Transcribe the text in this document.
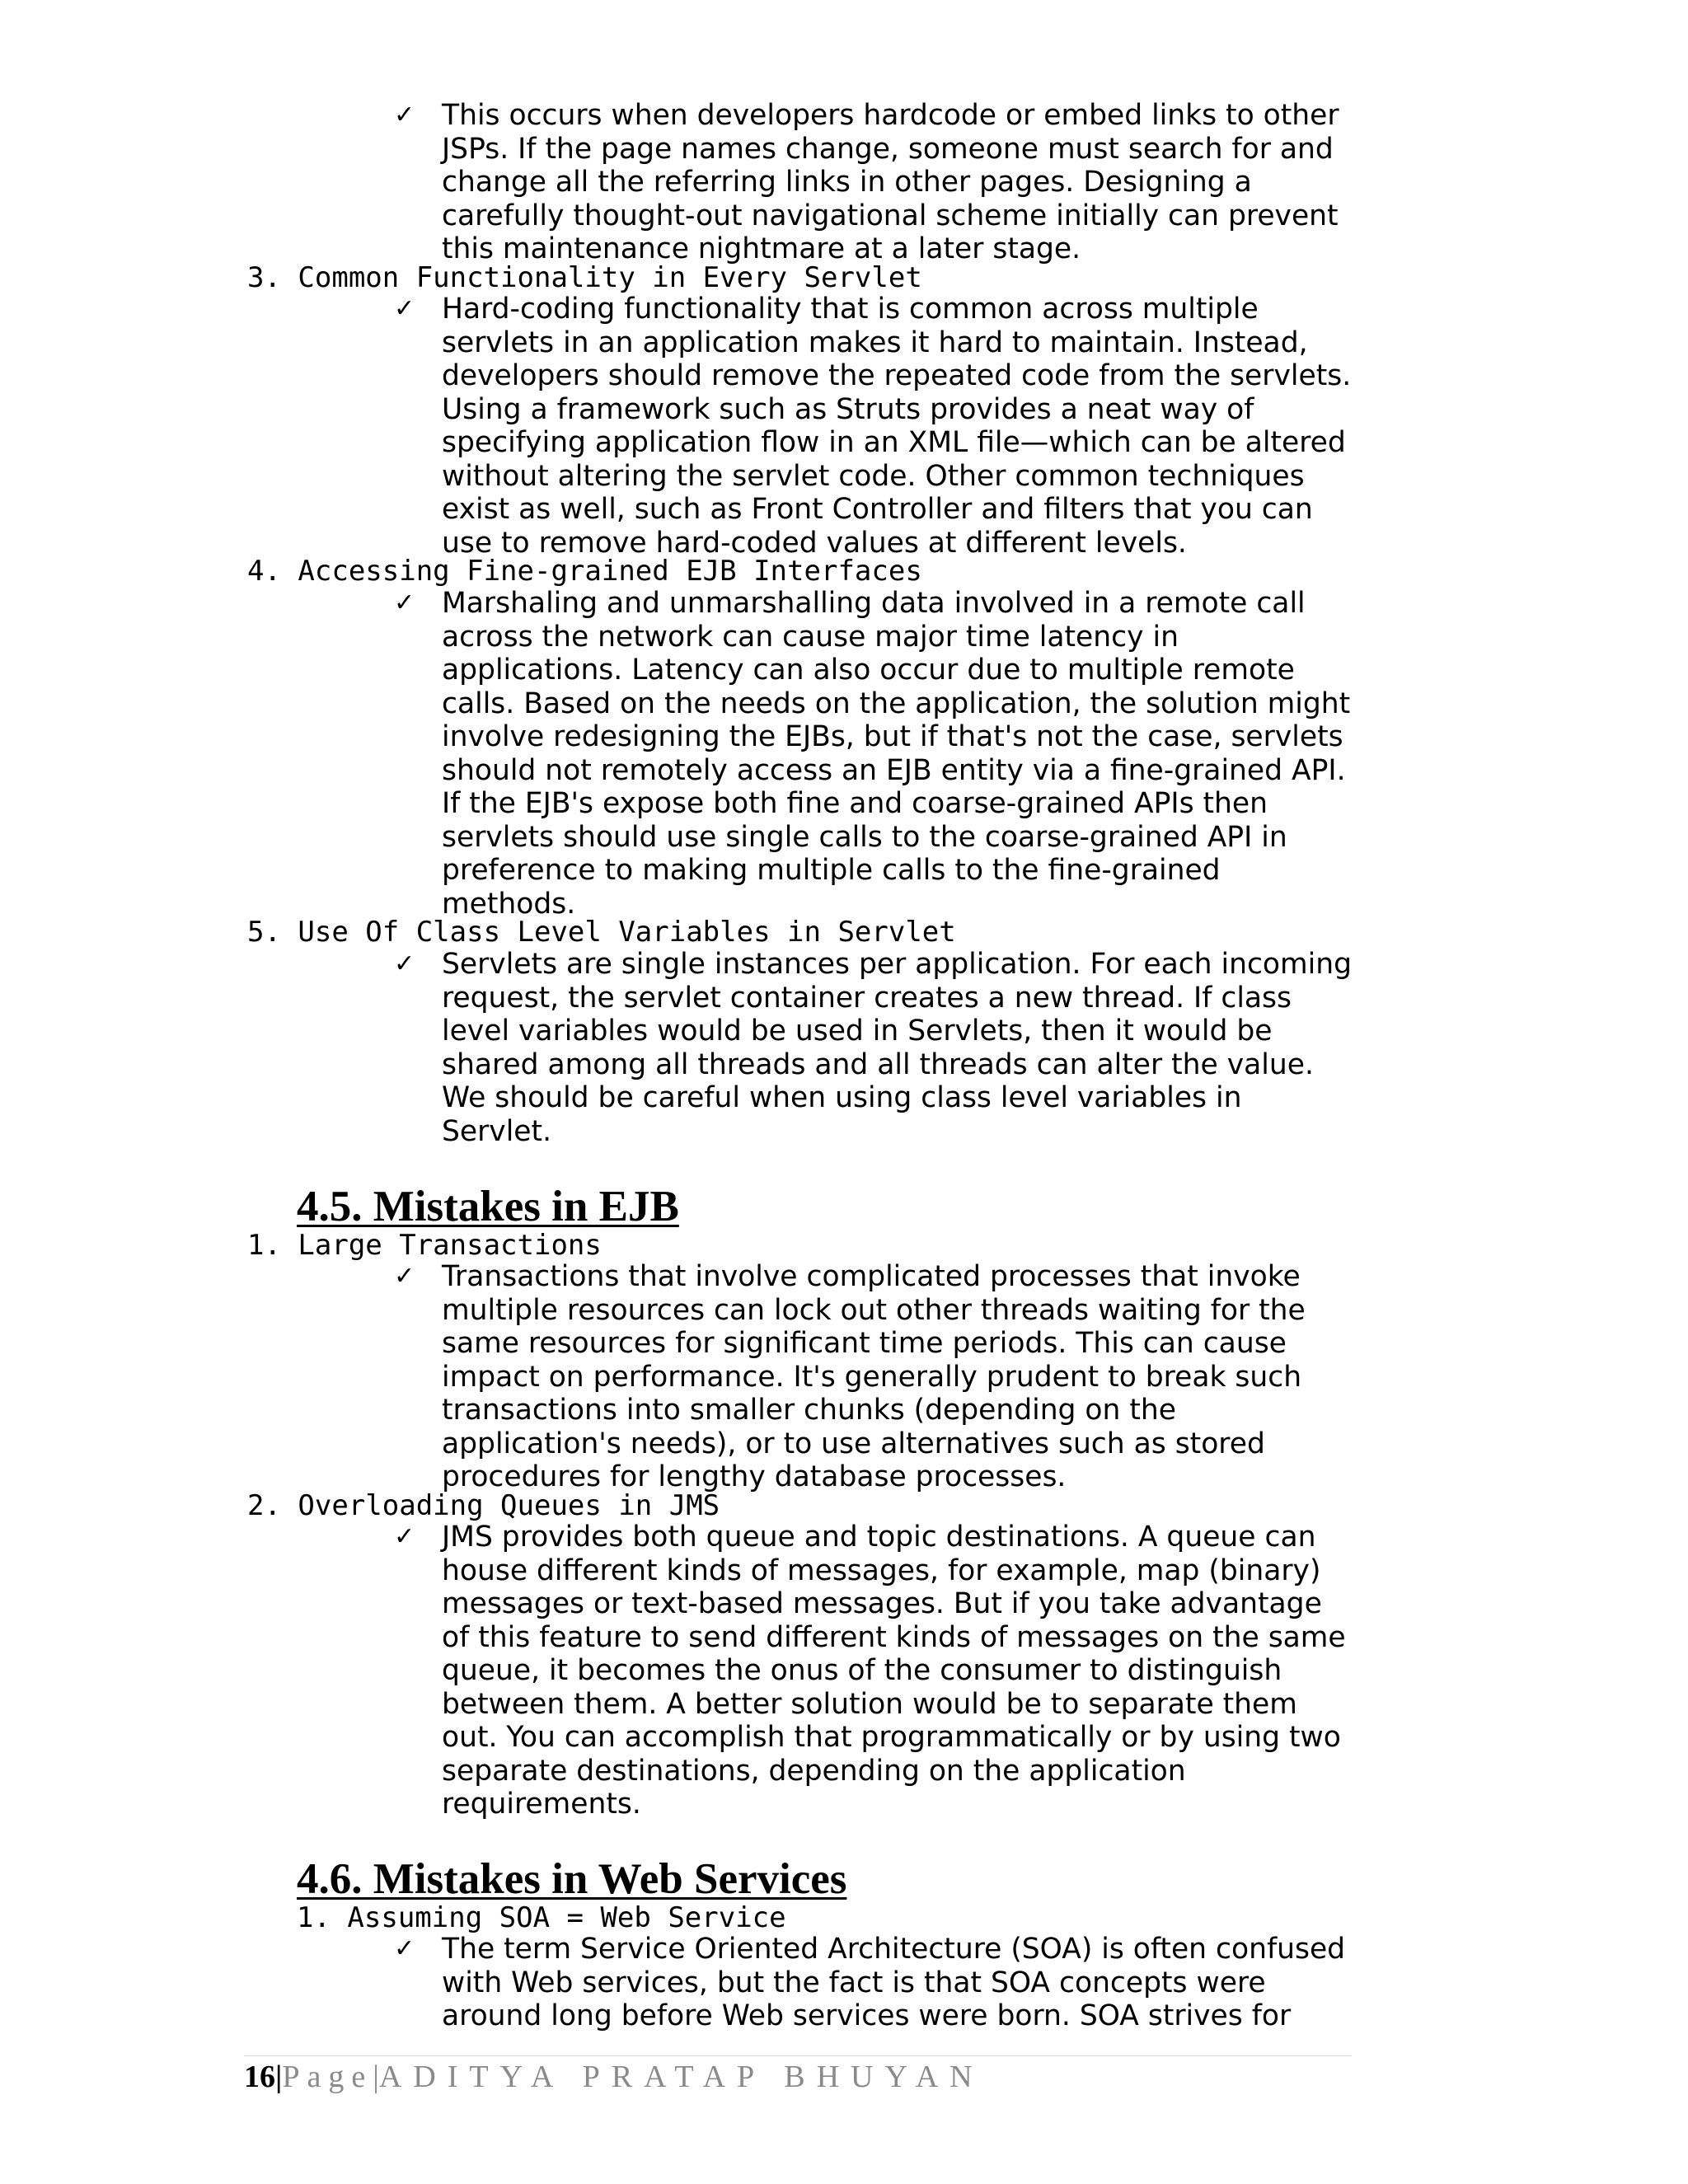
✓ This occurs when developers hardcode or embed links to other
JSPs. If the page names change, someone must search for and
change all the referring links in other pages. Designing a
carefully thought-out navigational scheme initially can prevent
this maintenance nightmare at a later stage.
3. Common Functionality in Every Servlet
✓ Hard-coding functionality that is common across multiple
servlets in an application makes it hard to maintain. Instead,
developers should remove the repeated code from the servlets.
Using a framework such as Struts provides a neat way of
specifying application flow in an XML file—which can be altered
without altering the servlet code. Other common techniques
exist as well, such as Front Controller and filters that you can
use to remove hard-coded values at different levels.
4. Accessing Fine-grained EJB Interfaces
✓ Marshaling and unmarshalling data involved in a remote call
across the network can cause major time latency in
applications. Latency can also occur due to multiple remote
calls. Based on the needs on the application, the solution might
involve redesigning the EJBs, but if that's not the case, servlets
should not remotely access an EJB entity via a fine-grained API.
If the EJB's expose both fine and coarse-grained APIs then
servlets should use single calls to the coarse-grained API in
preference to making multiple calls to the fine-grained
methods.
5. Use Of Class Level Variables in Servlet
✓ Servlets are single instances per application. For each incoming
request, the servlet container creates a new thread. If class
level variables would be used in Servlets, then it would be
shared among all threads and all threads can alter the value.
We should be careful when using class level variables in
Servlet.
4.5. Mistakes in EJB
1. Large Transactions
✓ Transactions that involve complicated processes that invoke
multiple resources can lock out other threads waiting for the
same resources for significant time periods. This can cause
impact on performance. It's generally prudent to break such
transactions into smaller chunks (depending on the
application's needs), or to use alternatives such as stored
procedures for lengthy database processes.
2. Overloading Queues in JMS
✓ JMS provides both queue and topic destinations. A queue can
house different kinds of messages, for example, map (binary)
messages or text-based messages. But if you take advantage
of this feature to send different kinds of messages on the same
queue, it becomes the onus of the consumer to distinguish
between them. A better solution would be to separate them
out. You can accomplish that programmatically or by using two
separate destinations, depending on the application
requirements.
4.6. Mistakes in Web Services
1. Assuming SOA = Web Service
✓ The term Service Oriented Architecture (SOA) is often confused
with Web services, but the fact is that SOA concepts were
around long before Web services were born. SOA strives for
16|Page|ADITYA PRATAP BHUYAN
